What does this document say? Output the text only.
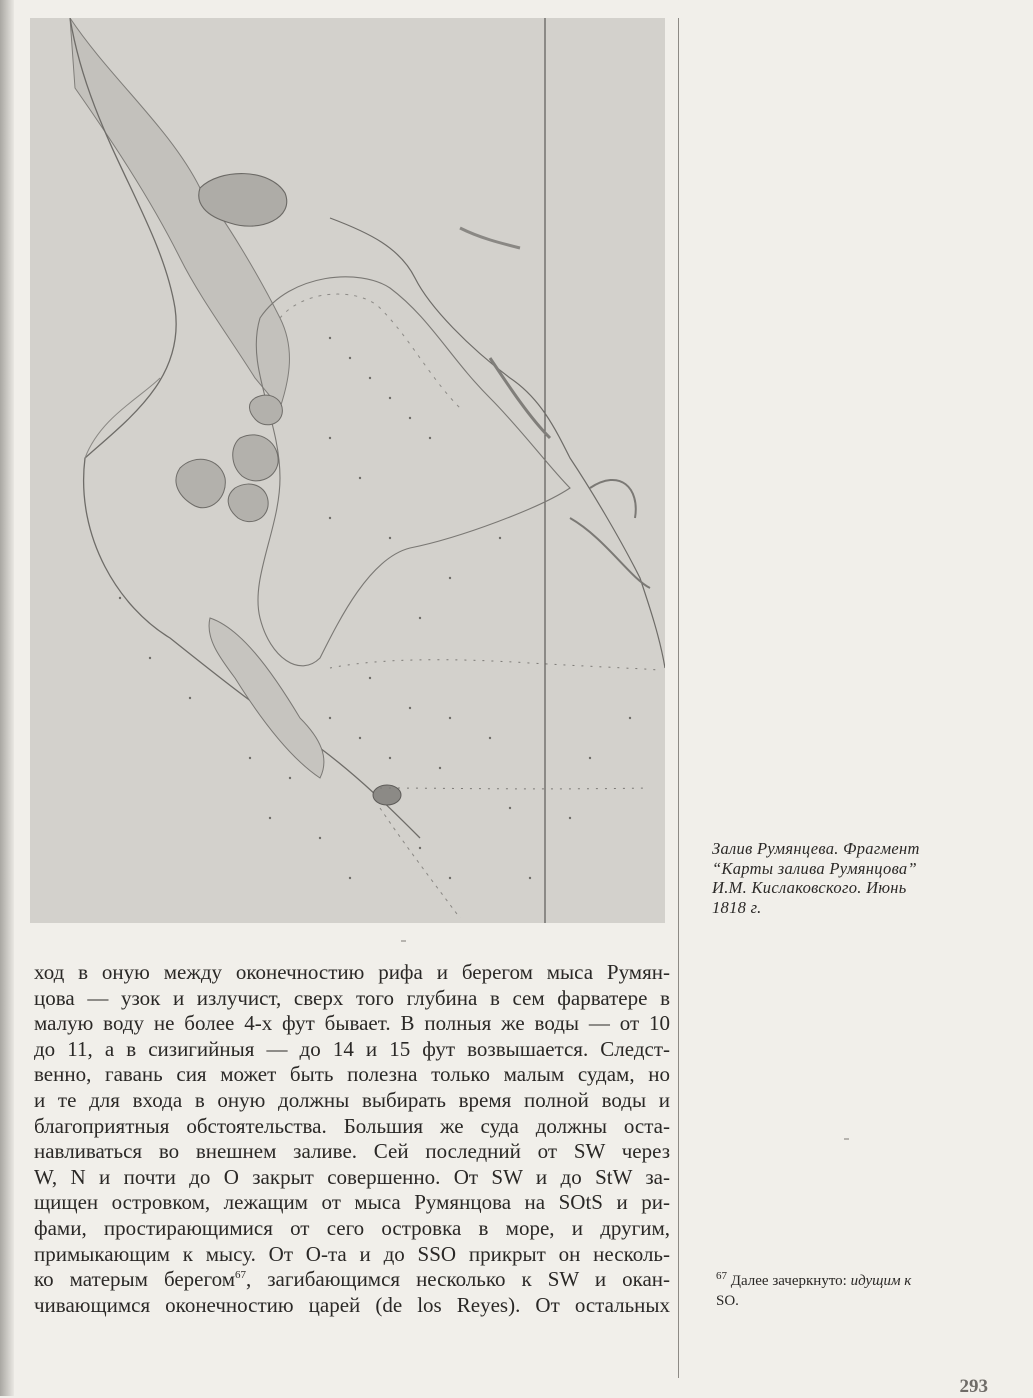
Залив Румянцева. Фрагмент
“Карты залива Румянцова”
И.М. Кислаковского. Июнь
1818 г.
ход в оную между оконечностию рифа и берегом мыса Румян-
цова — узок и излучист, сверх того глубина в сем фарватере в
малую воду не более 4-х фут бывает. В полныя же воды — от 10
до 11, а в сизигийныя — до 14 и 15 фут возвышается. Следст-
венно, гавань сия может быть полезна только малым судам, но
и те для входа в оную должны выбирать время полной воды и
благоприятныя обстоятельства. Большия же суда должны оста-
навливаться во внешнем заливе. Сей последний от SW через
W, N и почти до O закрыт совершенно. От SW и до StW за-
щищен островком, лежащим от мыса Румянцова на SOtS и ри-
фами, простирающимися от сего островка в море, и другим,
примыкающим к мысу. От O-та и до SSO прикрыт он несколь-
ко матерым берегом$^{67}$, загибающимся несколько к SW и окан-
чивающимся оконечностию царей (de los Reyes). От остальных
$^{67}$ Далее зачеркнуто: идущим к
SO.
293
